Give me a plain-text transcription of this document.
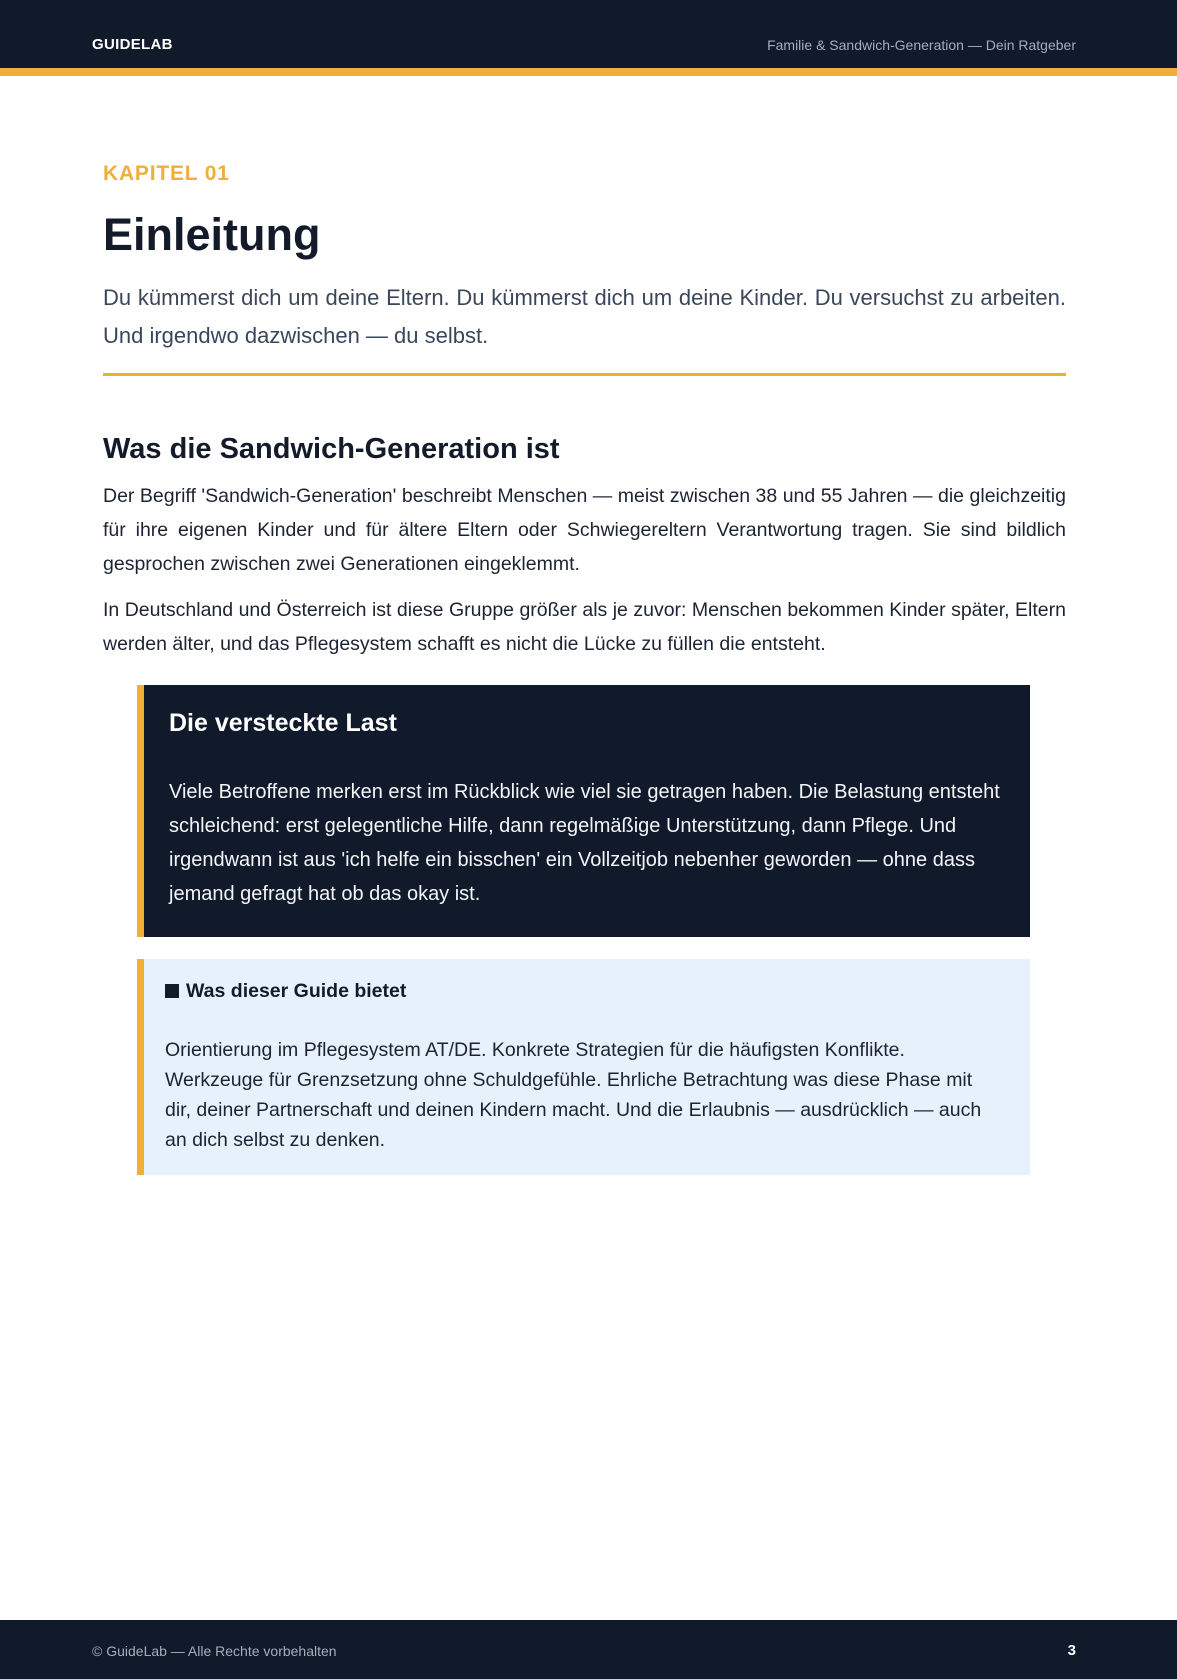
GUIDELAB	Familie & Sandwich-Generation — Dein Ratgeber
KAPITEL 01
Einleitung

Du kümmerst dich um deine Eltern. Du kümmerst dich um deine Kinder. Du versuchst zu arbeiten. Und irgendwo dazwischen — du selbst.

Was die Sandwich-Generation ist

Der Begriff 'Sandwich-Generation' beschreibt Menschen — meist zwischen 38 und 55 Jahren — die gleichzeitig für ihre eigenen Kinder und für ältere Eltern oder Schwiegereltern Verantwortung tragen. Sie sind bildlich gesprochen zwischen zwei Generationen eingeklemmt.

In Deutschland und Österreich ist diese Gruppe größer als je zuvor: Menschen bekommen Kinder später, Eltern werden älter, und das Pflegesystem schafft es nicht die Lücke zu füllen die entsteht.

Die versteckte Last

Viele Betroffene merken erst im Rückblick wie viel sie getragen haben. Die Belastung entsteht schleichend: erst gelegentliche Hilfe, dann regelmäßige Unterstützung, dann Pflege. Und irgendwann ist aus 'ich helfe ein bisschen' ein Vollzeitjob nebenher geworden — ohne dass jemand gefragt hat ob das okay ist.

Was dieser Guide bietet

Orientierung im Pflegesystem AT/DE. Konkrete Strategien für die häufigsten Konflikte. Werkzeuge für Grenzsetzung ohne Schuldgefühle. Ehrliche Betrachtung was diese Phase mit dir, deiner Partnerschaft und deinen Kindern macht. Und die Erlaubnis — ausdrücklich — auch an dich selbst zu denken.

© GuideLab — Alle Rechte vorbehalten	3
